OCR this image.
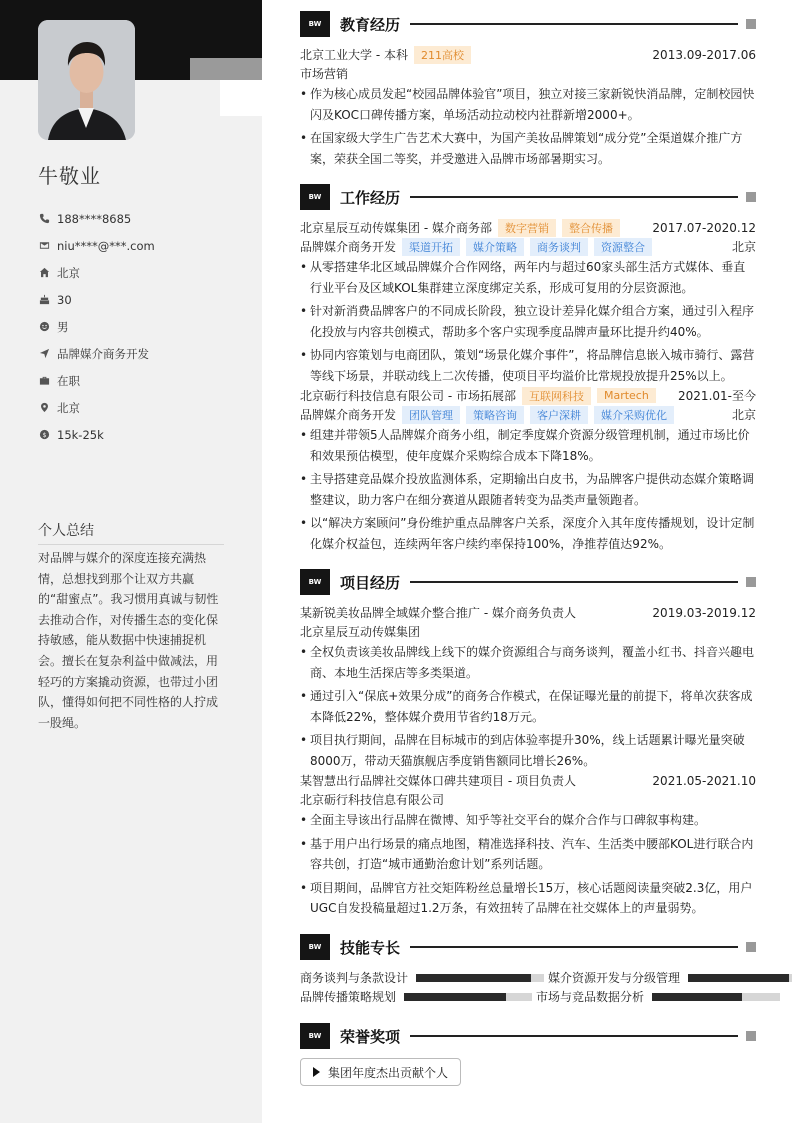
牛敬业
188****8685
niu****@***.com
北京
30
男
品牌媒介商务开发
在职
北京
$ 15k-25k
个人总结
对品牌与媒介的深度连接充满热情，总想找到那个让双方共赢的“甜蜜点”。我习惯用真诚与韧性去推动合作，对传播生态的变化保持敏感，能从数据中快速捕捉机会。擅长在复杂利益中做减法，用轻巧的方案撬动资源，也带过小团队，懂得如何把不同性格的人拧成一股绳。
BW	教育经历
北京工业大学 - 本科	211高校	2013.09-2017.06
市场营销
• 作为核心成员发起“校园品牌体验官”项目，独立对接三家新锐快消品牌，定制校园快闪及KOC口碑传播方案，单场活动拉动校内社群新增2000+。
• 在国家级大学生广告艺术大赛中，为国产美妆品牌策划“成分党”全渠道媒介推广方案，荣获全国二等奖，并受邀进入品牌市场部暑期实习。
BW	工作经历
北京星辰互动传媒集团 - 媒介商务部	数字营销	整合传播	2017.07-2020.12
品牌媒介商务开发	渠道开拓	媒介策略	商务谈判	资源整合	北京
• 从零搭建华北区域品牌媒介合作网络，两年内与超过60家头部生活方式媒体、垂直行业平台及区域KOL集群建立深度绑定关系，形成可复用的分层资源池。
• 针对新消费品牌客户的不同成长阶段，独立设计差异化媒介组合方案，通过引入程序化投放与内容共创模式，帮助多个客户实现季度品牌声量环比提升约40%。
• 协同内容策划与电商团队，策划“场景化媒介事件”，将品牌信息嵌入城市骑行、露营等线下场景，并联动线上二次传播，使项目平均溢价比常规投放提升25%以上。
北京砺行科技信息有限公司 - 市场拓展部	互联网科技	Martech	2021.01-至今
品牌媒介商务开发	团队管理	策略咨询	客户深耕	媒介采购优化	北京
• 组建并带领5人品牌媒介商务小组，制定季度媒介资源分级管理机制，通过市场比价和效果预估模型，使年度媒介采购综合成本下降18%。
• 主导搭建竞品媒介投放监测体系，定期输出白皮书，为品牌客户提供动态媒介策略调整建议，助力客户在细分赛道从跟随者转变为品类声量领跑者。
• 以“解决方案顾问”身份维护重点品牌客户关系，深度介入其年度传播规划，设计定制化媒介权益包，连续两年客户续约率保持100%，净推荐值达92%。
BW	项目经历
某新锐美妆品牌全域媒介整合推广 - 媒介商务负责人	2019.03-2019.12
北京星辰互动传媒集团
• 全权负责该美妆品牌线上线下的媒介资源组合与商务谈判，覆盖小红书、抖音兴趣电商、本地生活探店等多类渠道。
• 通过引入“保底+效果分成”的商务合作模式，在保证曝光量的前提下，将单次获客成本降低22%，整体媒介费用节省约18万元。
• 项目执行期间，品牌在目标城市的到店体验率提升30%，线上话题累计曝光量突破8000万，带动天猫旗舰店季度销售额同比增长26%。
某智慧出行品牌社交媒体口碑共建项目 - 项目负责人	2021.05-2021.10
北京砺行科技信息有限公司
• 全面主导该出行品牌在微博、知乎等社交平台的媒介合作与口碑叙事构建。
• 基于用户出行场景的痛点地图，精准选择科技、汽车、生活类中腰部KOL进行联合内容共创，打造“城市通勤治愈计划”系列话题。
• 项目期间，品牌官方社交矩阵粉丝总量增长15万，核心话题阅读量突破2.3亿，用户UGC自发投稿量超过1.2万条，有效扭转了品牌在社交媒体上的声量弱势。
BW	技能专长
商务谈判与条款设计	媒介资源开发与分级管理
品牌传播策略规划	市场与竞品数据分析
BW	荣誉奖项
集团年度杰出贡献个人
